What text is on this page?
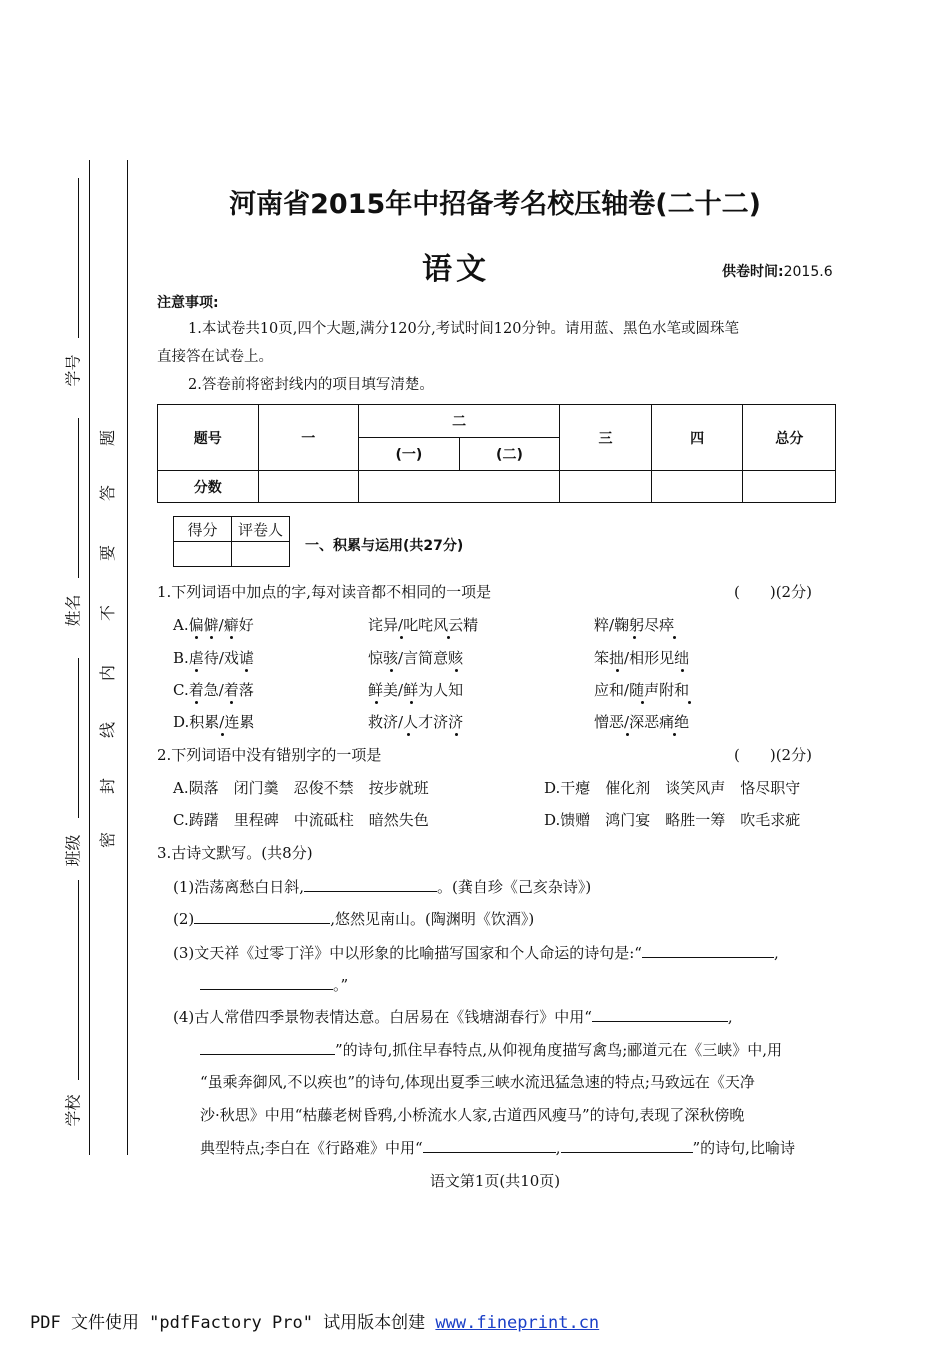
学号
姓名
班级
学校
题
答
要
不
内
线
封
密
河南省2015年中招备考名校压轴卷(二十二)
语文	供卷时间:2015.6
注意事项:
1.本试卷共10页,四个大题,满分120分,考试时间120分钟。请用蓝、黑色水笔或圆珠笔
直接答在试卷上。
2.答卷前将密封线内的项目填写清楚。
题号	一	二		三	四	总分
		(一)	(二)			
分数						
得分	评卷人

一、积累与运用(共27分)
1.下列词语中加点的字,每对读音都不相同的一项是	(　　)(2分)
A.偏僻/癖好	诧异/叱咤风云精	粹/鞠躬尽瘁
B.虐待/戏谑	惊骇/言简意赅	笨拙/相形见绌
C.着急/着落	鲜美/鲜为人知	应和/随声附和
D.积累/连累	救济/人才济济	憎恶/深恶痛绝
2.下列词语中没有错别字的一项是	(　　)(2分)
A.陨落　闭门羹　忍俊不禁　按步就班	D.干瘪　催化剂　谈笑风声　恪尽职守
C.踌躇　里程碑　中流砥柱　暗然失色	D.馈赠　鸿门宴　略胜一筹　吹毛求疵
3.古诗文默写。(共8分)
(1)浩荡离愁白日斜,	。(龚自珍《己亥杂诗》)
(2)	,悠然见南山。(陶渊明《饮酒》)
(3)文天祥《过零丁洋》中以形象的比喻描写国家和个人命运的诗句是:“	,
。”
(4)古人常借四季景物表情达意。白居易在《钱塘湖春行》中用“	,
”的诗句,抓住早春特点,从仰视角度描写禽鸟;郦道元在《三峡》中,用
“虽乘奔御风,不以疾也”的诗句,体现出夏季三峡水流迅猛急速的特点;马致远在《天净
沙·秋思》中用“枯藤老树昏鸦,小桥流水人家,古道西风瘦马”的诗句,表现了深秋傍晚
典型特点;李白在《行路难》中用“	,	”的诗句,比喻诗
语文第1页(共10页)
PDF 文件使用 "pdfFactory Pro" 试用版本创建 www.fineprint.cn
